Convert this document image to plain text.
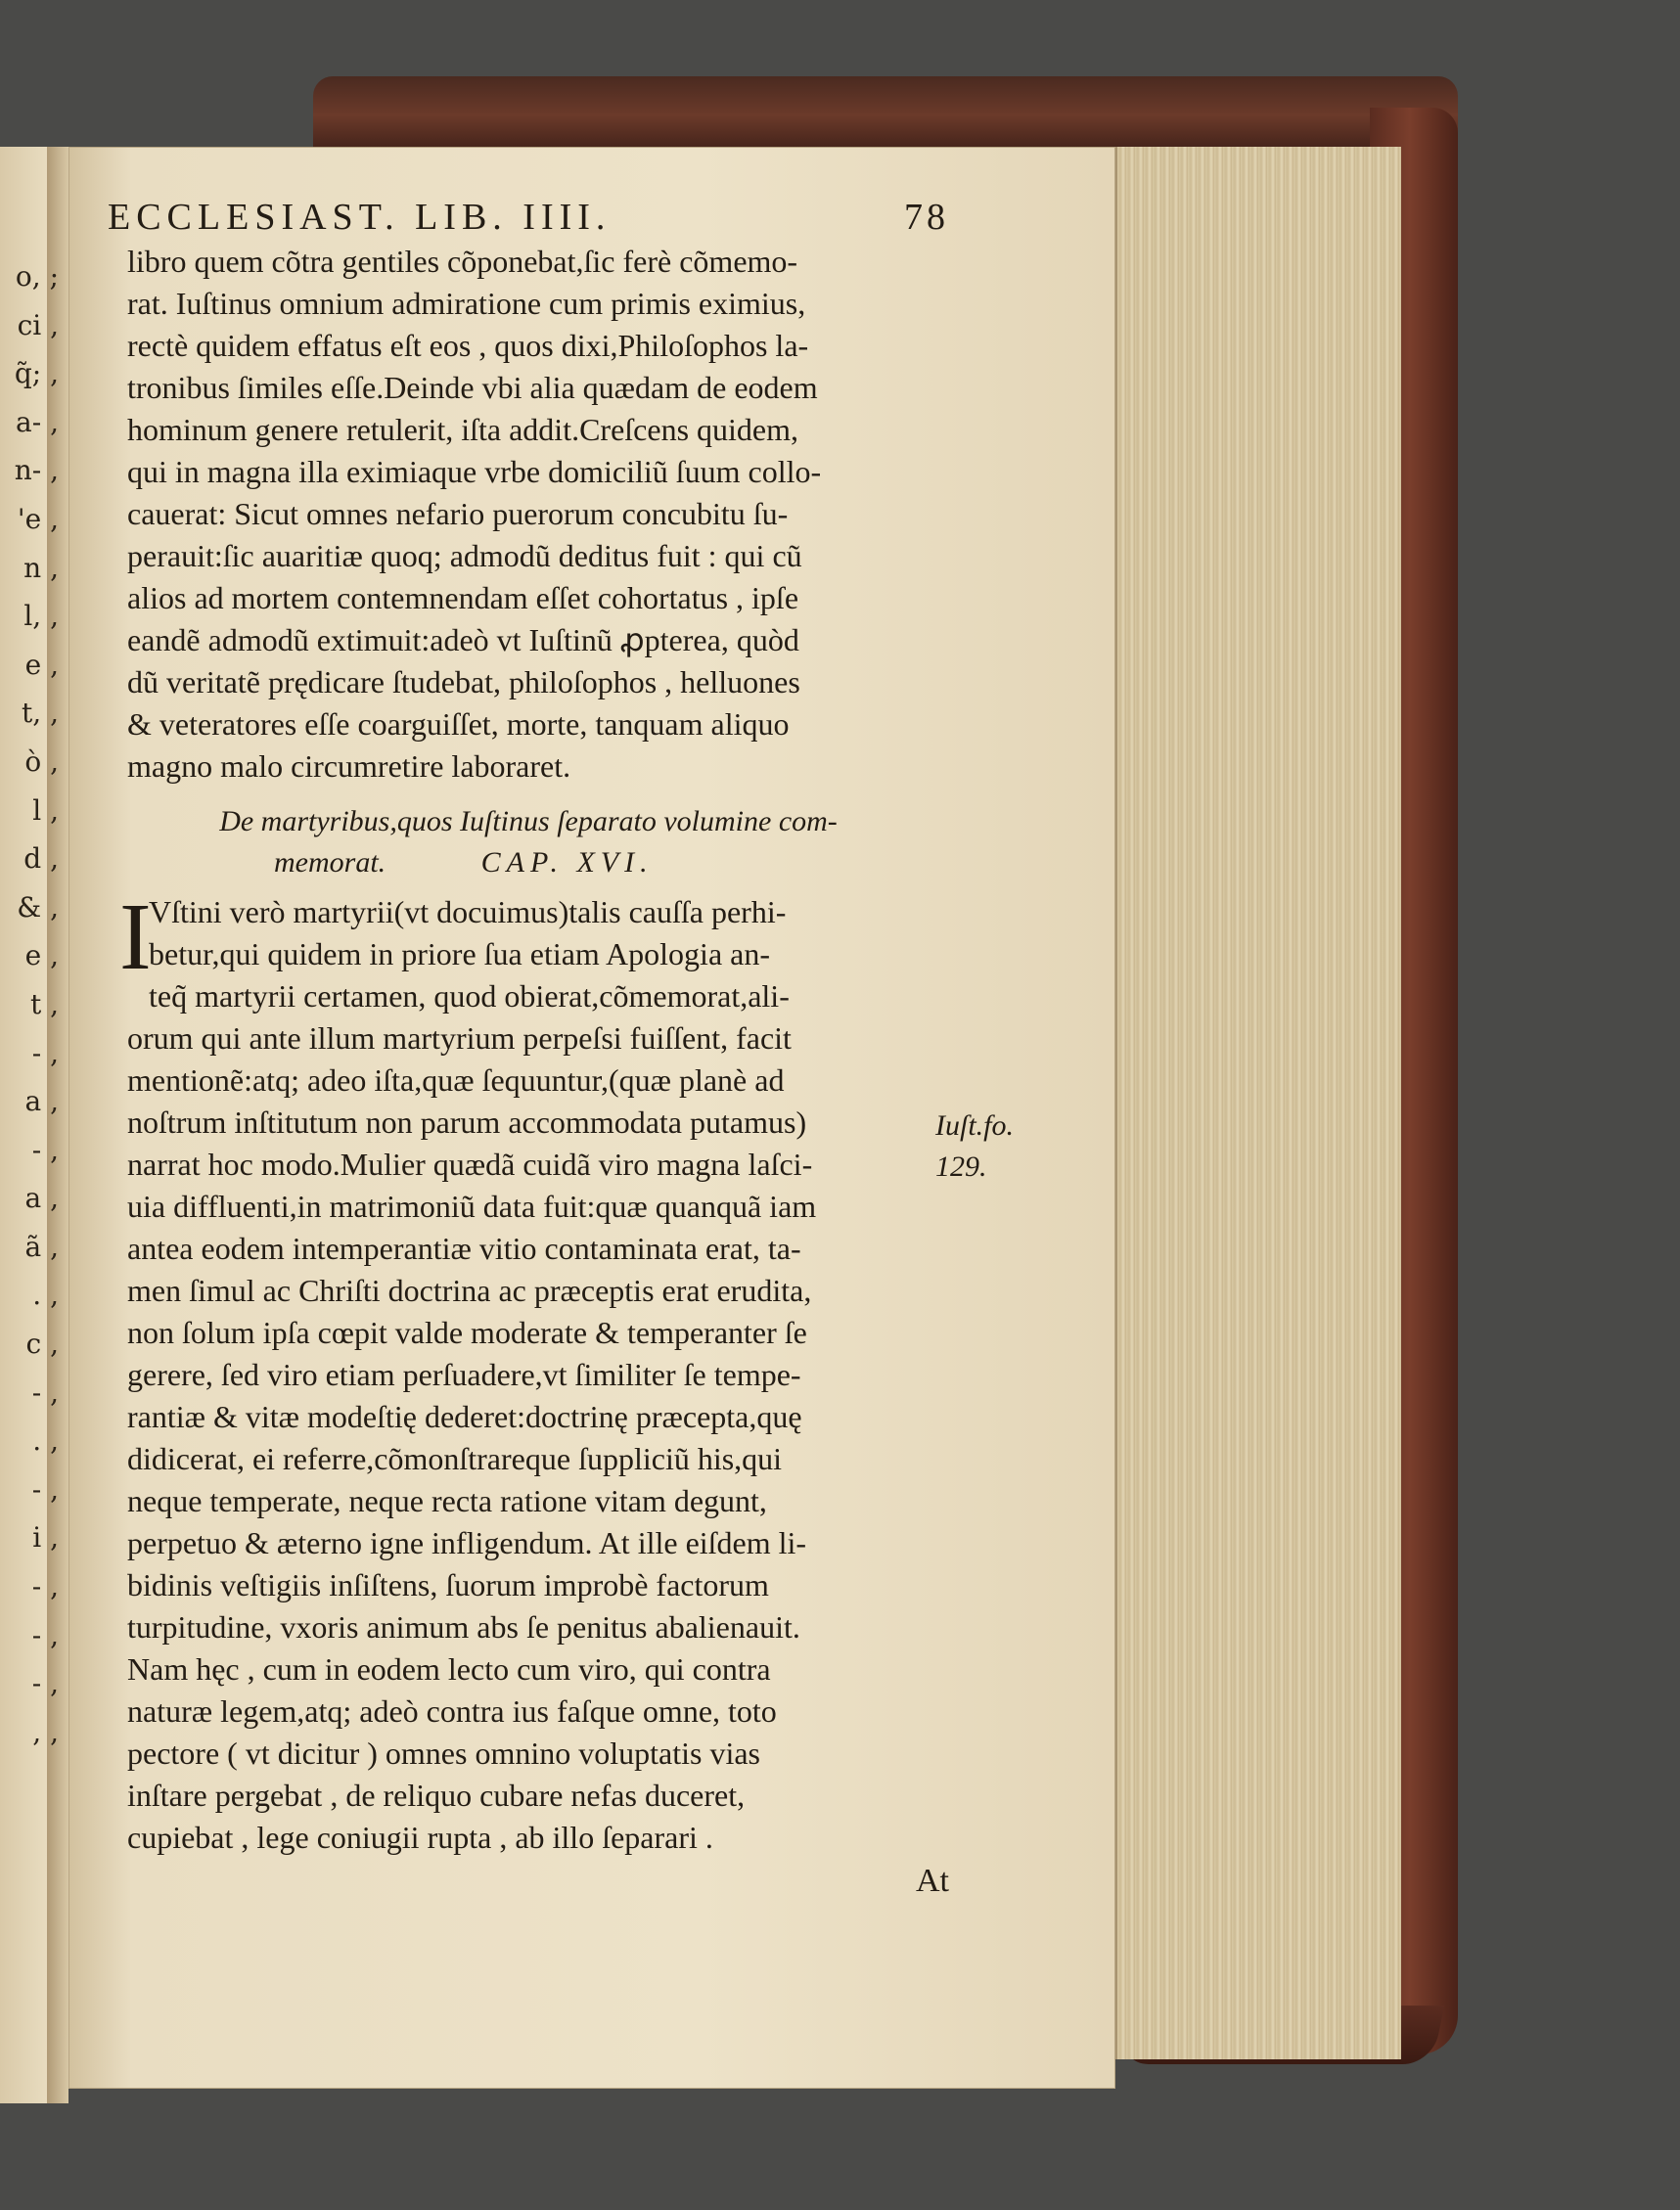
o, ;
ci ,
q̃; ,
a- ,
n- ,
'e ,
n ,
l, ,
e ,
t, ,
ò ,
l ,
d ,
& ,
e ,
t ,
- ,
a ,
- ,
a ,
ã ,
. ,
c ,
- ,
. ,
- ,
i ,
- ,
- ,
- ,
, ,
ECCLESIAST. LIB. IIII.	78
libro quem cõtra gentiles cõponebat,ſic ferè cõmemo-
rat. Iuſtinus omnium admiratione cum primis eximius,
rectè quidem effatus eſt eos , quos dixi,Philoſophos la-
tronibus ſimiles eſſe.Deinde vbi alia quædam de eodem
hominum genere retulerit, iſta addit.Creſcens quidem,
qui in magna illa eximiaque vrbe domiciliũ ſuum collo-
cauerat: Sicut omnes nefario puerorum concubitu ſu-
perauit:ſic auaritiæ quoq; admodũ deditus fuit : qui cũ
alios ad mortem contemnendam eſſet cohortatus , ipſe
eandẽ admodũ extimuit:adeò vt Iuſtinũ ꝓpterea, quòd
dũ veritatẽ prędicare ſtudebat, philoſophos , helluones
& veteratores eſſe coarguiſſet, morte, tanquam aliquo
magno malo circumretire laboraret.
De martyribus,quos Iuſtinus ſeparato volumine com-
memorat.	CAP. XVI.
I
Vſtini verò martyrii(vt docuimus)talis cauſſa perhi-
betur,qui quidem in priore ſua etiam Apologia an-
teq̃ martyrii certamen, quod obierat,cõmemorat,ali-
orum qui ante illum martyrium perpeſsi fuiſſent, facit
mentionẽ:atq; adeo iſta,quæ ſequuntur,(quæ planè ad
noſtrum inſtitutum non parum accommodata putamus)
narrat hoc modo.Mulier quædã cuidã viro magna laſci-
uia diffluenti,in matrimoniũ data fuit:quæ quanquã iam
antea eodem intemperantiæ vitio contaminata erat, ta-
men ſimul ac Chriſti doctrina ac præceptis erat erudita,
non ſolum ipſa cœpit valde moderate & temperanter ſe
gerere, ſed viro etiam perſuadere,vt ſimiliter ſe tempe-
rantiæ & vitæ modeſtię dederet:doctrinę præcepta,quę
didicerat, ei referre,cõmonſtrareque ſuppliciũ his,qui
neque temperate, neque recta ratione vitam degunt,
perpetuo & æterno igne infligendum. At ille eiſdem li-
bidinis veſtigiis inſiſtens, ſuorum improbè factorum
turpitudine, vxoris animum abs ſe penitus abalienauit.
Nam hęc , cum in eodem lecto cum viro, qui contra
naturæ legem,atq; adeò contra ius faſque omne, toto
pectore ( vt dicitur ) omnes omnino voluptatis vias
inſtare pergebat , de reliquo cubare nefas duceret,
cupiebat , lege coniugii rupta , ab illo ſeparari .
At
Iuſt.fo.
129.
